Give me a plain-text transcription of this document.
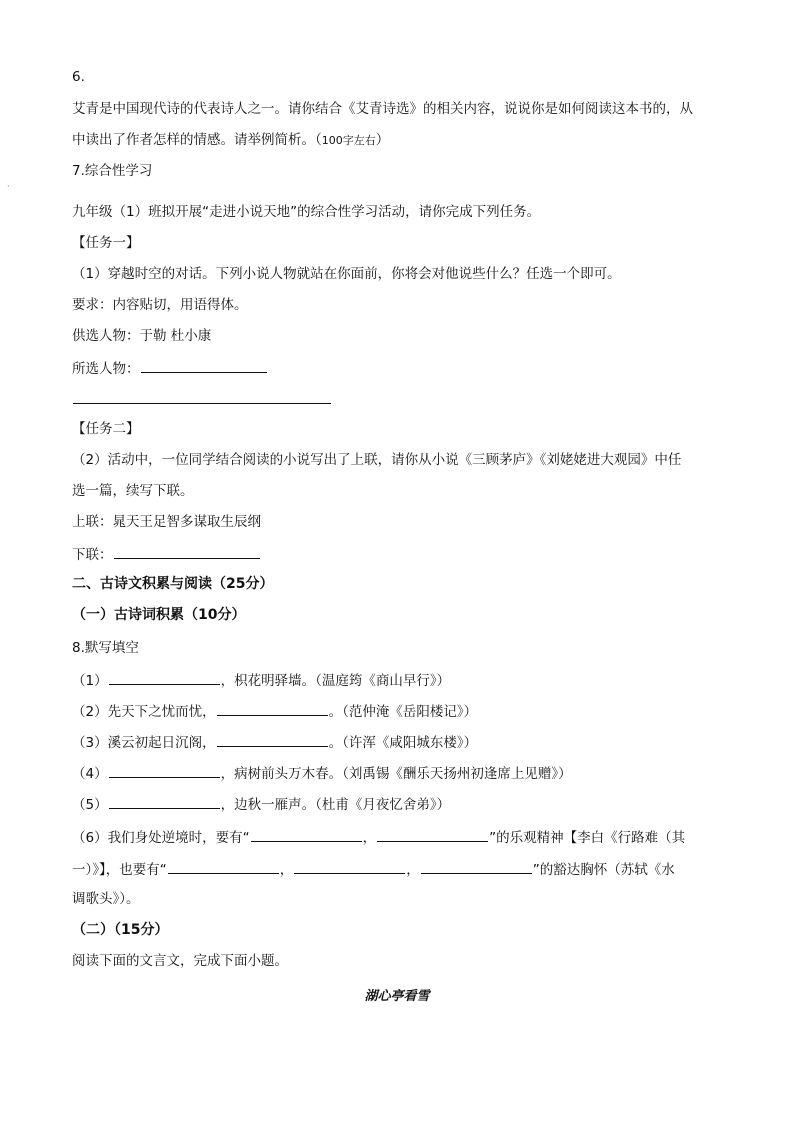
6.
艾青是中国现代诗的代表诗人之一。请你结合《艾青诗选》的相关内容，说说你是如何阅读这本书的，从
中读出了作者怎样的情感。请举例简析。（100字左右）
7.综合性学习
九年级（1）班拟开展“走进小说天地”的综合性学习活动，请你完成下列任务。
【任务一】
（1）穿越时空的对话。下列小说人物就站在你面前，你将会对他说些什么？任选一个即可。
要求：内容贴切，用语得体。
供选人物：于勒 杜小康
所选人物：
【任务二】
（2）活动中，一位同学结合阅读的小说写出了上联，请你从小说《三顾茅庐》《刘姥姥进大观园》中任
选一篇，续写下联。
上联：晁天王足智多谋取生辰纲
下联：
二、古诗文积累与阅读（25分）
（一）古诗词积累（10分）
8.默写填空
（1）	，枳花明驿墙。（温庭筠《商山早行》）
（2）先天下之忧而忧，	。（范仲淹《岳阳楼记》）
（3）溪云初起日沉阁，	。（许浑《咸阳城东楼》）
（4）	，病树前头万木春。（刘禹锡《酬乐天扬州初逢席上见赠》）
（5）	，边秋一雁声。（杜甫《月夜忆舍弟》）
（6）我们身处逆境时，要有“	，	”的乐观精神【李白《行路难（其
一）》】，也要有“	，	，	”的豁达胸怀（苏轼《水
调歌头》）。
（二）（15分）
阅读下面的文言文，完成下面小题。
·
湖心亭看雪
